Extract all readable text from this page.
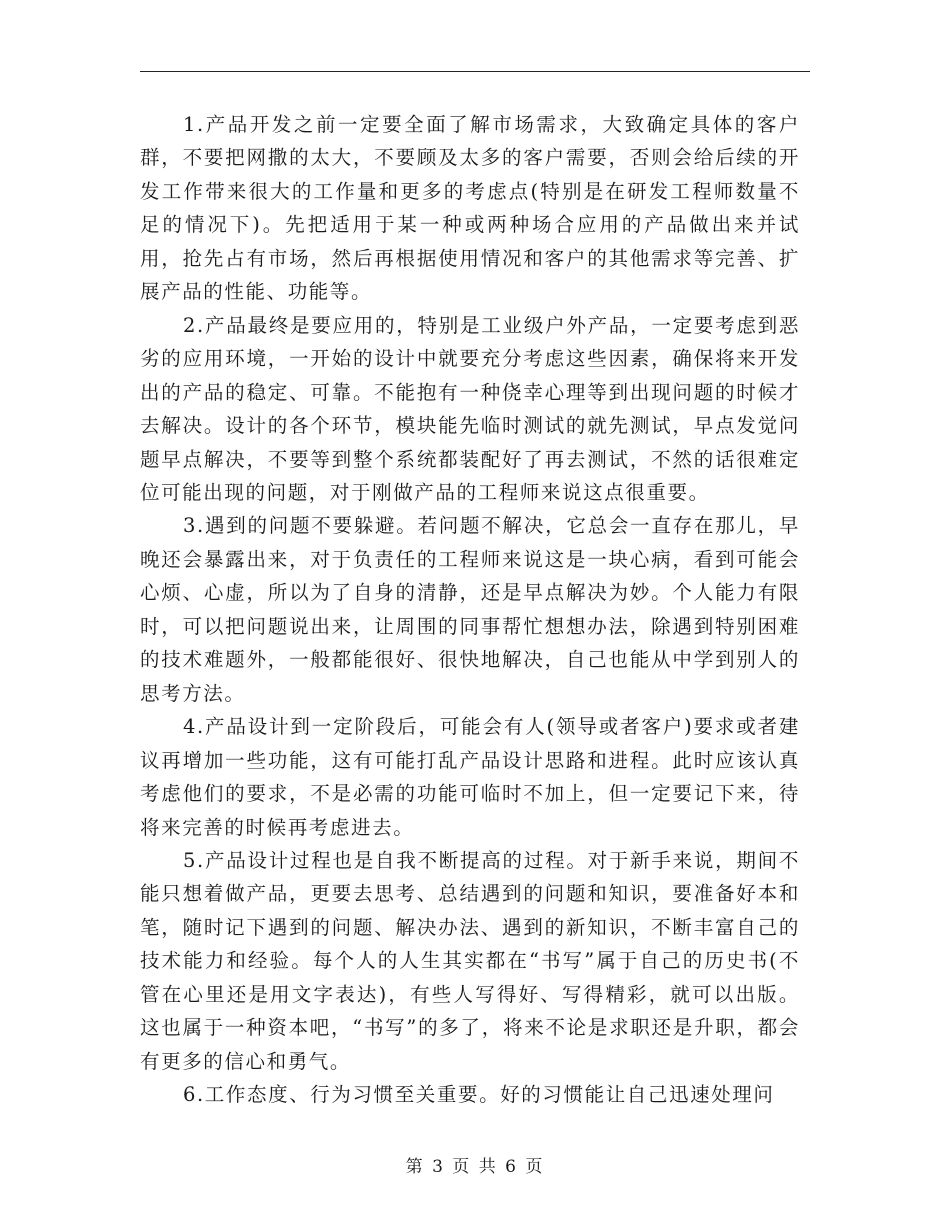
1.产品开发之前一定要全面了解市场需求，大致确定具体的客户群，不要把网撒的太大，不要顾及太多的客户需要，否则会给后续的开发工作带来很大的工作量和更多的考虑点(特别是在研发工程师数量不足的情况下)。先把适用于某一种或两种场合应用的产品做出来并试用，抢先占有市场，然后再根据使用情况和客户的其他需求等完善、扩展产品的性能、功能等。

2.产品最终是要应用的，特别是工业级户外产品，一定要考虑到恶劣的应用环境，一开始的设计中就要充分考虑这些因素，确保将来开发出的产品的稳定、可靠。不能抱有一种侥幸心理等到出现问题的时候才去解决。设计的各个环节，模块能先临时测试的就先测试，早点发觉问题早点解决，不要等到整个系统都装配好了再去测试，不然的话很难定位可能出现的问题，对于刚做产品的工程师来说这点很重要。

3.遇到的问题不要躲避。若问题不解决，它总会一直存在那儿，早晚还会暴露出来，对于负责任的工程师来说这是一块心病，看到可能会心烦、心虚，所以为了自身的清静，还是早点解决为妙。个人能力有限时，可以把问题说出来，让周围的同事帮忙想想办法，除遇到特别困难的技术难题外，一般都能很好、很快地解决，自己也能从中学到别人的思考方法。

4.产品设计到一定阶段后，可能会有人(领导或者客户)要求或者建议再增加一些功能，这有可能打乱产品设计思路和进程。此时应该认真考虑他们的要求，不是必需的功能可临时不加上，但一定要记下来，待将来完善的时候再考虑进去。

5.产品设计过程也是自我不断提高的过程。对于新手来说，期间不能只想着做产品，更要去思考、总结遇到的问题和知识，要准备好本和笔，随时记下遇到的问题、解决办法、遇到的新知识，不断丰富自己的技术能力和经验。每个人的人生其实都在“书写”属于自己的历史书(不管在心里还是用文字表达)，有些人写得好、写得精彩，就可以出版。这也属于一种资本吧，“书写”的多了，将来不论是求职还是升职，都会有更多的信心和勇气。

6.工作态度、行为习惯至关重要。好的习惯能让自己迅速处理问

第 3 页 共 6 页
